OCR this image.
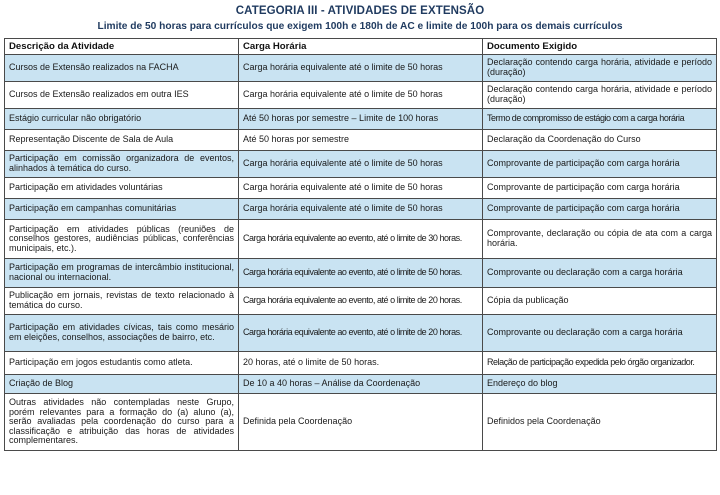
CATEGORIA III - ATIVIDADES DE EXTENSÃO
Limite de 50 horas para currículos que exigem 100h e 180h de AC e limite de 100h para os demais currículos
Descrição da Atividade	Carga Horária	Documento Exigido
Cursos de Extensão realizados na FACHA	Carga horária equivalente até o limite de 50 horas	Declaração contendo carga horária, atividade e período (duração)
Cursos de Extensão realizados em outra IES	Carga horária equivalente até o limite de 50 horas	Declaração contendo carga horária, atividade e período (duração)
Estágio curricular não obrigatório	Até 50 horas por semestre – Limite de 100 horas	Termo de compromisso de estágio com a carga horária
Representação Discente de Sala de Aula	Até 50 horas por semestre	Declaração da Coordenação do Curso
Participação em comissão organizadora de eventos, alinhados à temática do curso.	Carga horária equivalente até o limite de 50 horas	Comprovante de participação com carga horária
Participação em atividades voluntárias	Carga horária equivalente até o limite de 50 horas	Comprovante de participação com carga horária
Participação em campanhas comunitárias	Carga horária equivalente até o limite de 50 horas	Comprovante de participação com carga horária
Participação em atividades públicas (reuniões de conselhos gestores, audiências públicas, conferências municipais, etc.).	Carga horária equivalente ao evento, até o limite de 30 horas.	Comprovante, declaração ou cópia de ata com a carga horária.
Participação em programas de intercâmbio institucional, nacional ou internacional.	Carga horária equivalente ao evento, até o limite de 50 horas.	Comprovante ou declaração com a carga horária
Publicação em jornais, revistas de texto relacionado à temática do curso.	Carga horária equivalente ao evento, até o limite de 20 horas.	Cópia da publicação
Participação em atividades cívicas, tais como mesário em eleições, conselhos, associações de bairro, etc.	Carga horária equivalente ao evento, até o limite de 20 horas.	Comprovante ou declaração com a carga horária
Participação em jogos estudantis como atleta.	20 horas, até o limite de 50 horas.	Relação de participação expedida pelo órgão organizador.
Criação de Blog	De 10 a 40 horas – Análise da Coordenação	Endereço do blog
Outras atividades não contempladas neste Grupo, porém relevantes para a formação do (a) aluno (a), serão avaliadas pela coordenação do curso para a classificação e atribuição das horas de atividades complementares.	Definida pela Coordenação	Definidos pela Coordenação
